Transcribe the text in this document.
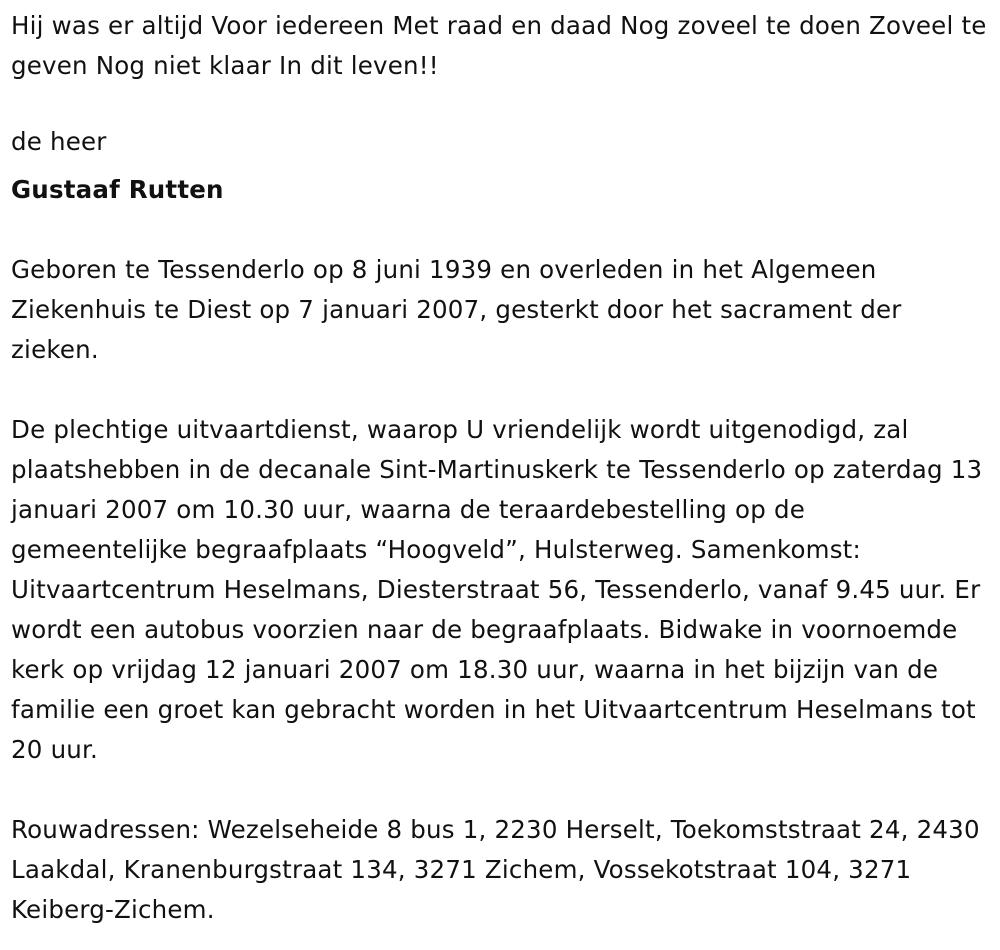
Hij was er altijd Voor iedereen Met raad en daad Nog zoveel te doen Zoveel te geven Nog niet klaar In dit leven!!

de heer

Gustaaf Rutten

Geboren te Tessenderlo op 8 juni 1939 en overleden in het Algemeen Ziekenhuis te Diest op 7 januari 2007, gesterkt door het sacrament der zieken.

De plechtige uitvaartdienst, waarop U vriendelijk wordt uitgenodigd, zal plaatshebben in de decanale Sint-Martinuskerk te Tessenderlo op zaterdag 13 januari 2007 om 10.30 uur, waarna de teraardebestelling op de gemeentelijke begraafplaats “Hoogveld”, Hulsterweg. Samenkomst: Uitvaartcentrum Heselmans, Diesterstraat 56, Tessenderlo, vanaf 9.45 uur. Er wordt een autobus voorzien naar de begraafplaats. Bidwake in voornoemde kerk op vrijdag 12 januari 2007 om 18.30 uur, waarna in het bijzijn van de familie een groet kan gebracht worden in het Uitvaartcentrum Heselmans tot 20 uur.

Rouwadressen: Wezelseheide 8 bus 1, 2230 Herselt, Toekomststraat 24, 2430 Laakdal, Kranenburgstraat 134, 3271 Zichem, Vossekotstraat 104, 3271 Keiberg-Zichem.
